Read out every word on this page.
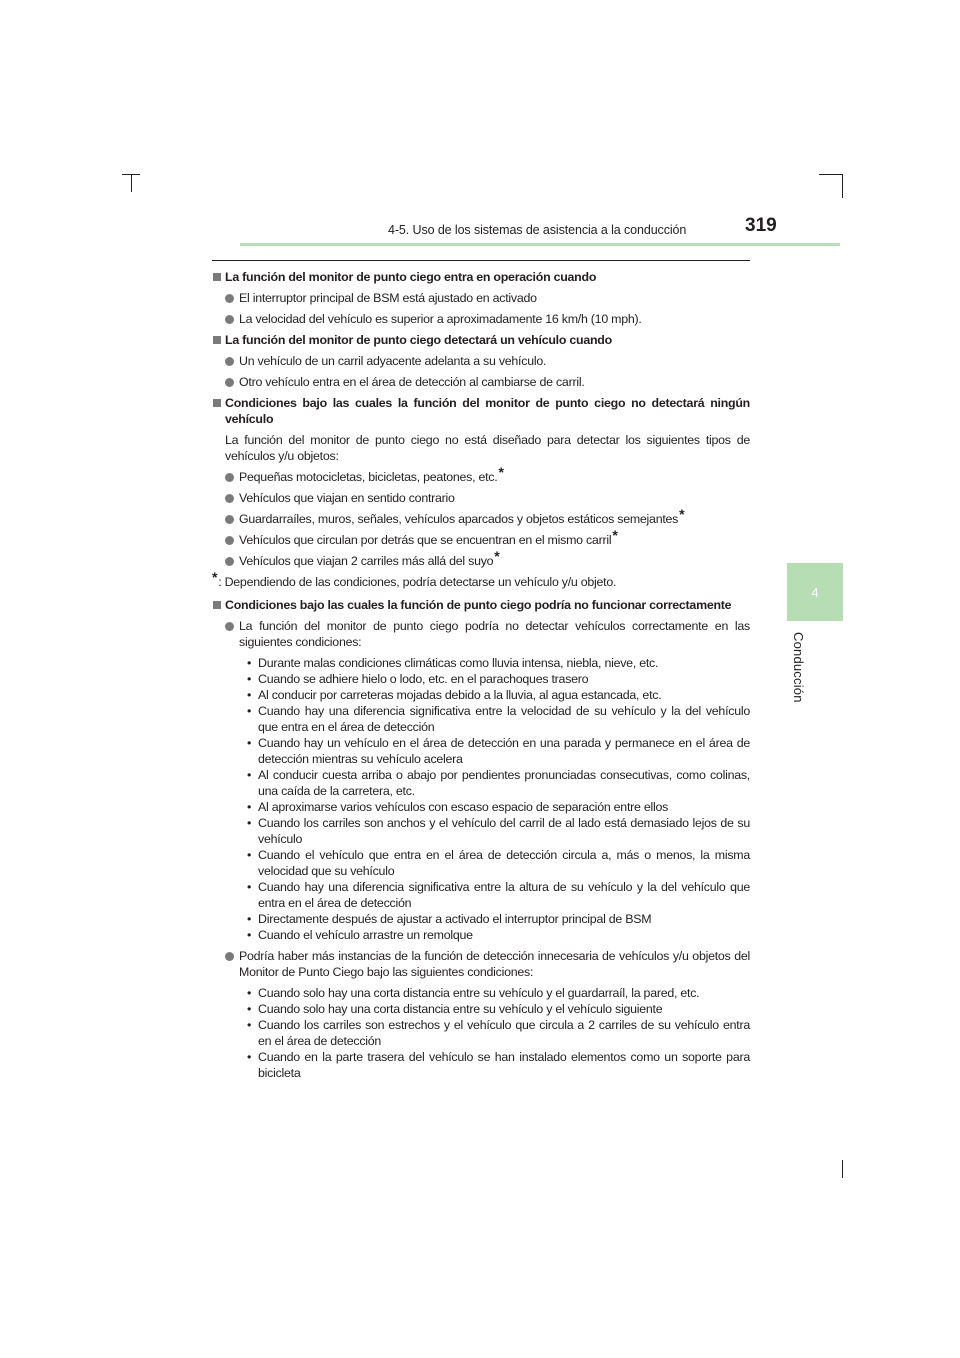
4-5. Uso de los sistemas de asistencia a la conducción	319
4
Conducción
La función del monitor de punto ciego entra en operación cuando
El interruptor principal de BSM está ajustado en activado
La velocidad del vehículo es superior a aproximadamente 16 km/h (10 mph).
La función del monitor de punto ciego detectará un vehículo cuando
Un vehículo de un carril adyacente adelanta a su vehículo.
Otro vehículo entra en el área de detección al cambiarse de carril.
Condiciones bajo las cuales la función del monitor de punto ciego no detectará ningún vehículo
La función del monitor de punto ciego no está diseñado para detectar los siguientes tipos de vehículos y/u objetos:
Pequeñas motocicletas, bicicletas, peatones, etc.*
Vehículos que viajan en sentido contrario
Guardarraíles, muros, señales, vehículos aparcados y objetos estáticos semejantes*
Vehículos que circulan por detrás que se encuentran en el mismo carril*
Vehículos que viajan 2 carriles más allá del suyo*
*: Dependiendo de las condiciones, podría detectarse un vehículo y/u objeto.
Condiciones bajo las cuales la función de punto ciego podría no funcionar correctamente
La función del monitor de punto ciego podría no detectar vehículos correctamente en las siguientes condiciones:
• Durante malas condiciones climáticas como lluvia intensa, niebla, nieve, etc.
• Cuando se adhiere hielo o lodo, etc. en el parachoques trasero
• Al conducir por carreteras mojadas debido a la lluvia, al agua estancada, etc.
• Cuando hay una diferencia significativa entre la velocidad de su vehículo y la del vehículo que entra en el área de detección
• Cuando hay un vehículo en el área de detección en una parada y permanece en el área de detección mientras su vehículo acelera
• Al conducir cuesta arriba o abajo por pendientes pronunciadas consecutivas, como colinas, una caída de la carretera, etc.
• Al aproximarse varios vehículos con escaso espacio de separación entre ellos
• Cuando los carriles son anchos y el vehículo del carril de al lado está demasiado lejos de su vehículo
• Cuando el vehículo que entra en el área de detección circula a, más o menos, la misma velocidad que su vehículo
• Cuando hay una diferencia significativa entre la altura de su vehículo y la del vehículo que entra en el área de detección
• Directamente después de ajustar a activado el interruptor principal de BSM
• Cuando el vehículo arrastre un remolque
Podría haber más instancias de la función de detección innecesaria de vehículos y/u objetos del Monitor de Punto Ciego bajo las siguientes condiciones:
• Cuando solo hay una corta distancia entre su vehículo y el guardarraíl, la pared, etc.
• Cuando solo hay una corta distancia entre su vehículo y el vehículo siguiente
• Cuando los carriles son estrechos y el vehículo que circula a 2 carriles de su vehículo entra en el área de detección
• Cuando en la parte trasera del vehículo se han instalado elementos como un soporte para bicicleta
